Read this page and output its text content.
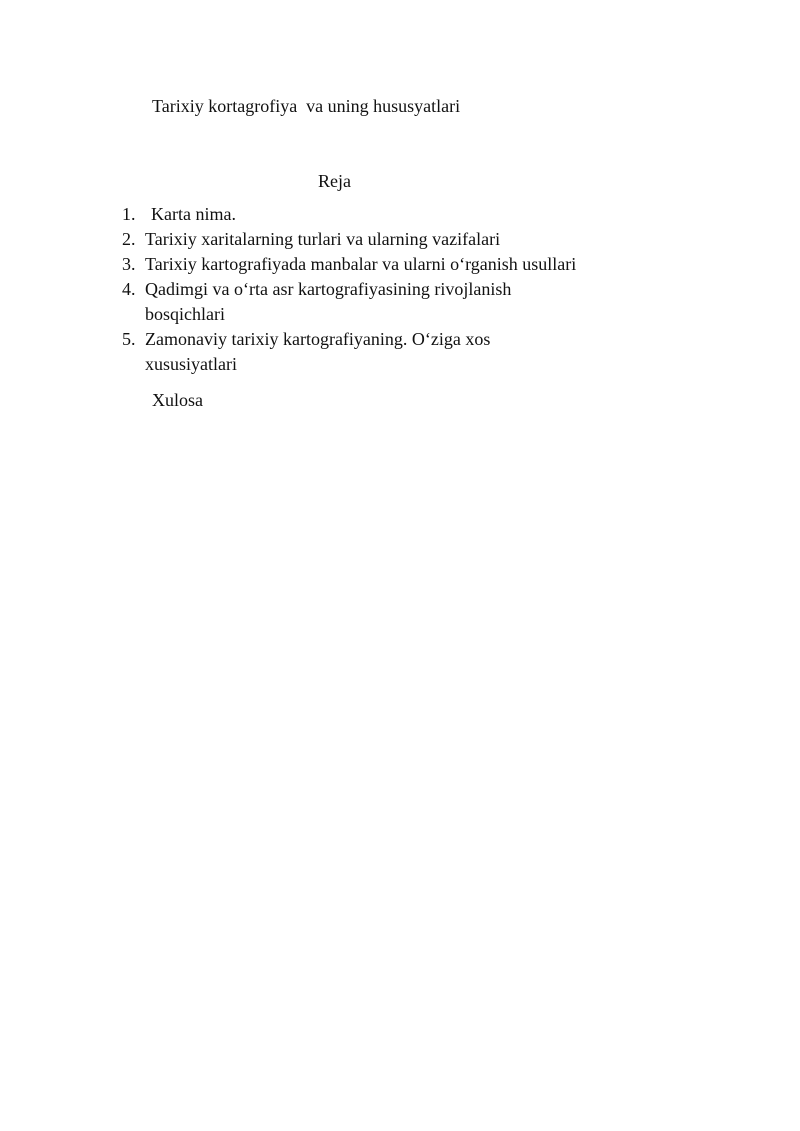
Tarixiy kortagrofiya  va uning hususyatlari
Reja
1. Karta nima.
2. Tarixiy xaritalarning turlari va ularning vazifalari
3. Tarixiy kartografiyada manbalar va ularni o‘rganish usullari
4. Qadimgi va o‘rta asr kartografiyasining rivojlanish bosqichlari
5. Zamonaviy tarixiy kartografiyaning. O‘ziga xos xususiyatlari
Xulosa
